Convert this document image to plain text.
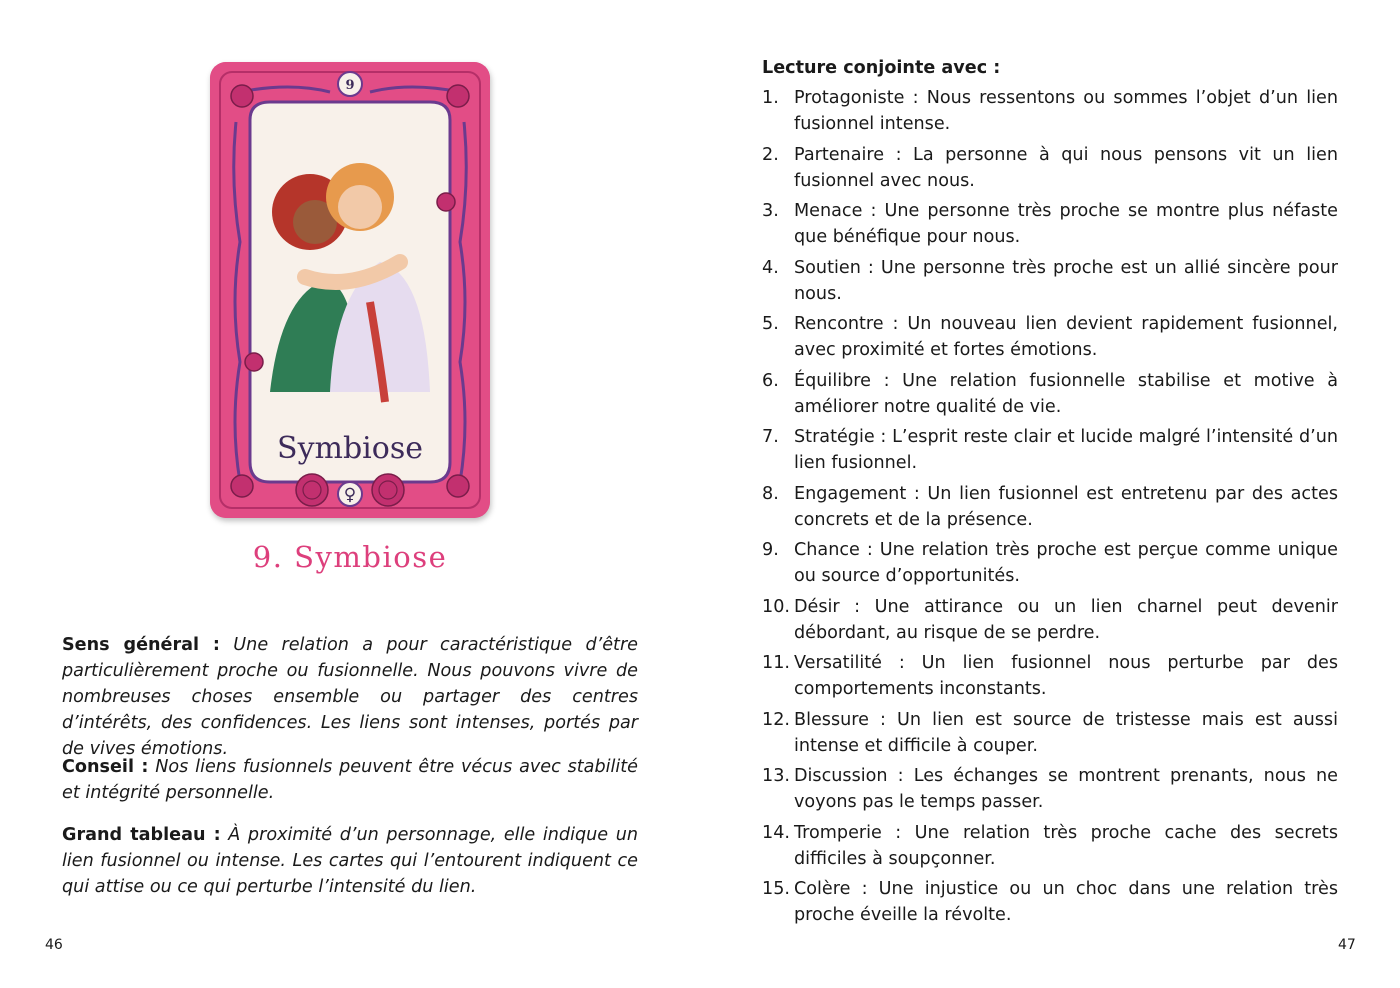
Symbiose
9
♀
9. Symbiose
Sens général : Une relation a pour caractéristique d’être particulièrement proche ou fusionnelle. Nous pouvons vivre de nombreuses choses ensemble ou partager des centres d’intérêts, des confidences. Les liens sont intenses, portés par de vives émotions.
Conseil : Nos liens fusionnels peuvent être vécus avec stabilité et intégrité personnelle.
Grand tableau : À proximité d’un personnage, elle indique un lien fusionnel ou intense. Les cartes qui l’entourent indiquent ce qui attise ou ce qui perturbe l’intensité du lien.
46
Lecture conjointe avec :
1. Protagoniste : Nous ressentons ou sommes l’objet d’un lien fusionnel intense.
2. Partenaire : La personne à qui nous pensons vit un lien fusionnel avec nous.
3. Menace : Une personne très proche se montre plus néfaste que bénéfique pour nous.
4. Soutien : Une personne très proche est un allié sincère pour nous.
5. Rencontre : Un nouveau lien devient rapidement fusionnel, avec proximité et fortes émotions.
6. Équilibre : Une relation fusionnelle stabilise et motive à améliorer notre qualité de vie.
7. Stratégie : L’esprit reste clair et lucide malgré l’intensité d’un lien fusionnel.
8. Engagement : Un lien fusionnel est entretenu par des actes concrets et de la présence.
9. Chance : Une relation très proche est perçue comme unique ou source d’opportunités.
10. Désir : Une attirance ou un lien charnel peut devenir débordant, au risque de se perdre.
11. Versatilité : Un lien fusionnel nous perturbe par des comportements inconstants.
12. Blessure : Un lien est source de tristesse mais est aussi intense et difficile à couper.
13. Discussion : Les échanges se montrent prenants, nous ne voyons pas le temps passer.
14. Tromperie : Une relation très proche cache des secrets difficiles à soupçonner.
15. Colère : Une injustice ou un choc dans une relation très proche éveille la révolte.
47
